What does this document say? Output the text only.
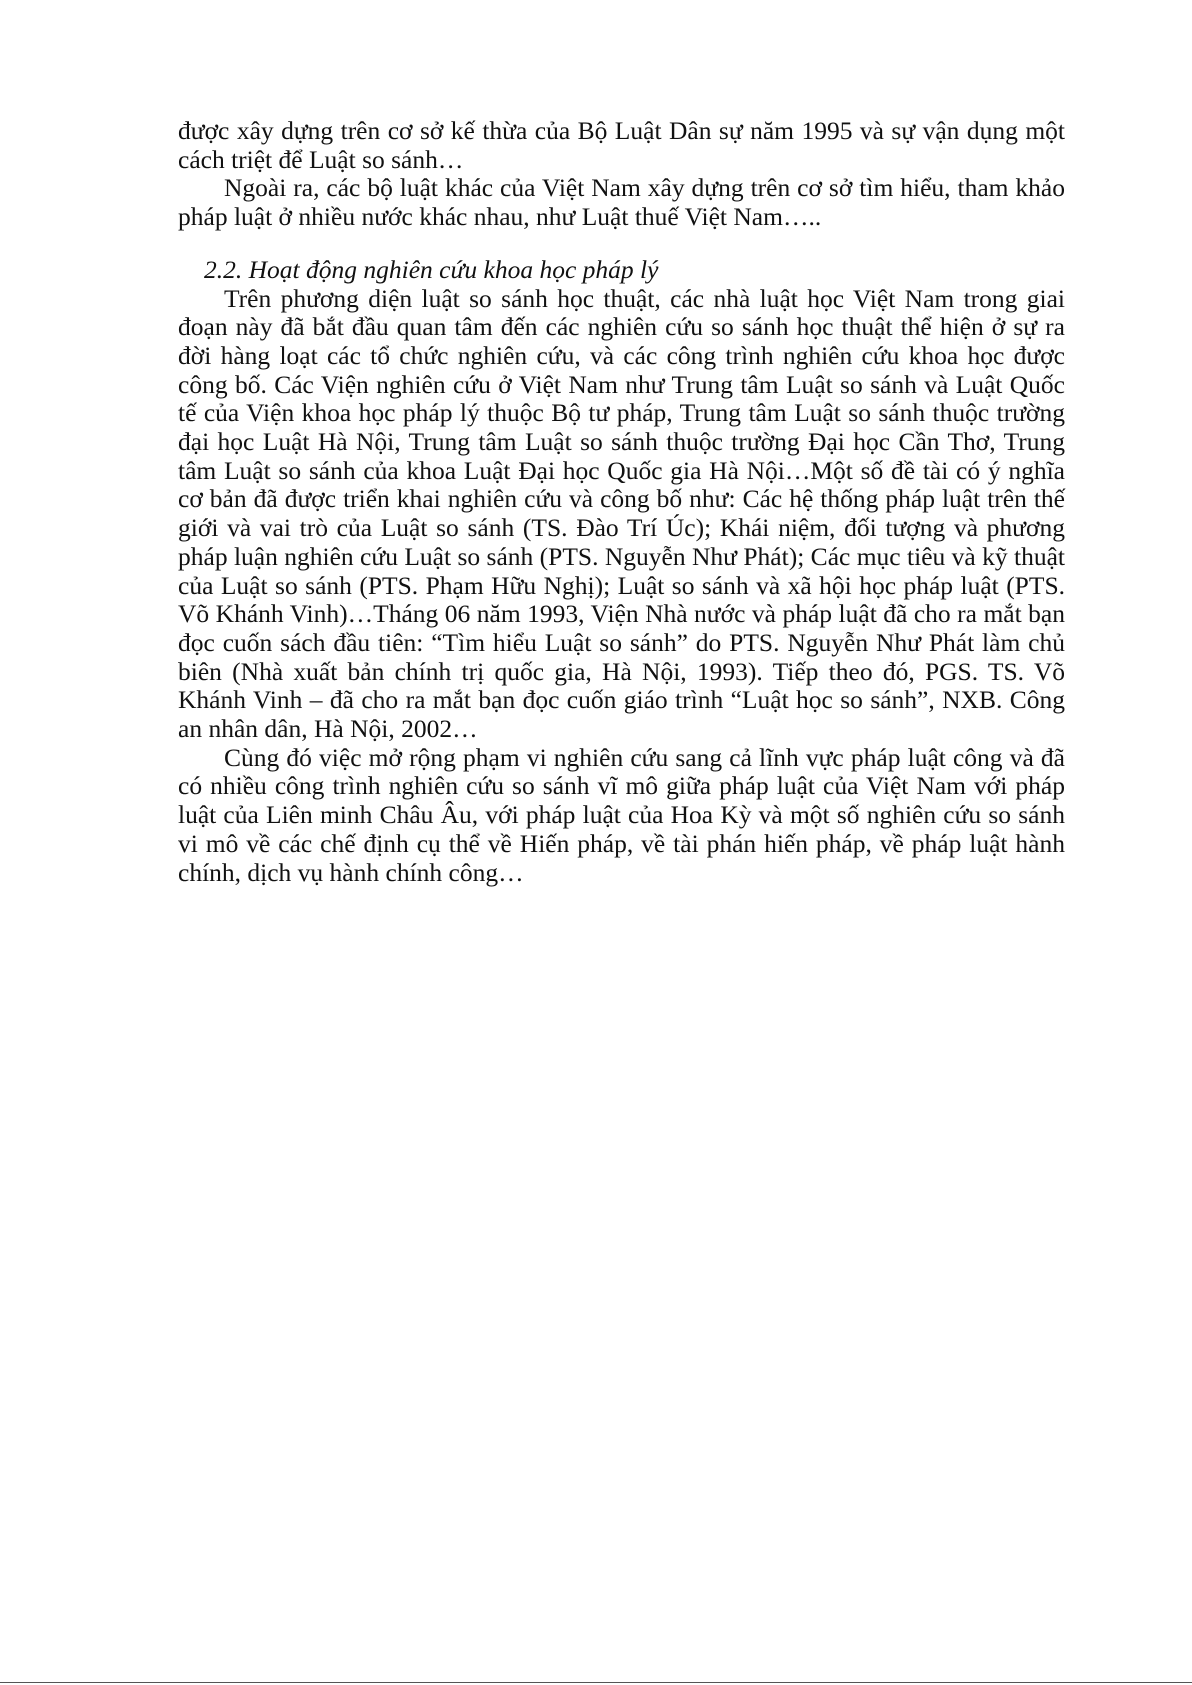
được xây dựng trên cơ sở kế thừa của Bộ Luật Dân sự năm 1995 và sự vận dụng một cách triệt để Luật so sánh…

Ngoài ra, các bộ luật khác của Việt Nam xây dựng trên cơ sở tìm hiểu, tham khảo pháp luật ở nhiều nước khác nhau, như Luật thuế Việt Nam…..

2.2. Hoạt động nghiên cứu khoa học pháp lý

Trên phương diện luật so sánh học thuật, các nhà luật học Việt Nam trong giai đoạn này đã bắt đầu quan tâm đến các nghiên cứu so sánh học thuật thể hiện ở sự ra đời hàng loạt các tổ chức nghiên cứu, và các công trình nghiên cứu khoa học được công bố. Các Viện nghiên cứu ở Việt Nam như Trung tâm Luật so sánh và Luật Quốc tế của Viện khoa học pháp lý thuộc Bộ tư pháp, Trung tâm Luật so sánh thuộc trường đại học Luật Hà Nội, Trung tâm Luật so sánh thuộc trường Đại học Cần Thơ, Trung tâm Luật so sánh của khoa Luật Đại học Quốc gia Hà Nội…Một số đề tài có ý nghĩa cơ bản đã được triển khai nghiên cứu và công bố như: Các hệ thống pháp luật trên thế giới và vai trò của Luật so sánh (TS. Đào Trí Úc); Khái niệm, đối tượng và phương pháp luận nghiên cứu Luật so sánh (PTS. Nguyễn Như Phát); Các mục tiêu và kỹ thuật của Luật so sánh (PTS. Phạm Hữu Nghị); Luật so sánh và xã hội học pháp luật (PTS. Võ Khánh Vinh)…Tháng 06 năm 1993, Viện Nhà nước và pháp luật đã cho ra mắt bạn đọc cuốn sách đầu tiên: “Tìm hiểu Luật so sánh” do PTS. Nguyễn Như Phát làm chủ biên (Nhà xuất bản chính trị quốc gia, Hà Nội, 1993). Tiếp theo đó, PGS. TS. Võ Khánh Vinh – đã cho ra mắt bạn đọc cuốn giáo trình “Luật học so sánh”, NXB. Công an nhân dân, Hà Nội, 2002…

Cùng đó việc mở rộng phạm vi nghiên cứu sang cả lĩnh vực pháp luật công và đã có nhiều công trình nghiên cứu so sánh vĩ mô giữa pháp luật của Việt Nam với pháp luật của Liên minh Châu Âu, với pháp luật của Hoa Kỳ và một số nghiên cứu so sánh vi mô về các chế định cụ thể về Hiến pháp, về tài phán hiến pháp, về pháp luật hành chính, dịch vụ hành chính công…
